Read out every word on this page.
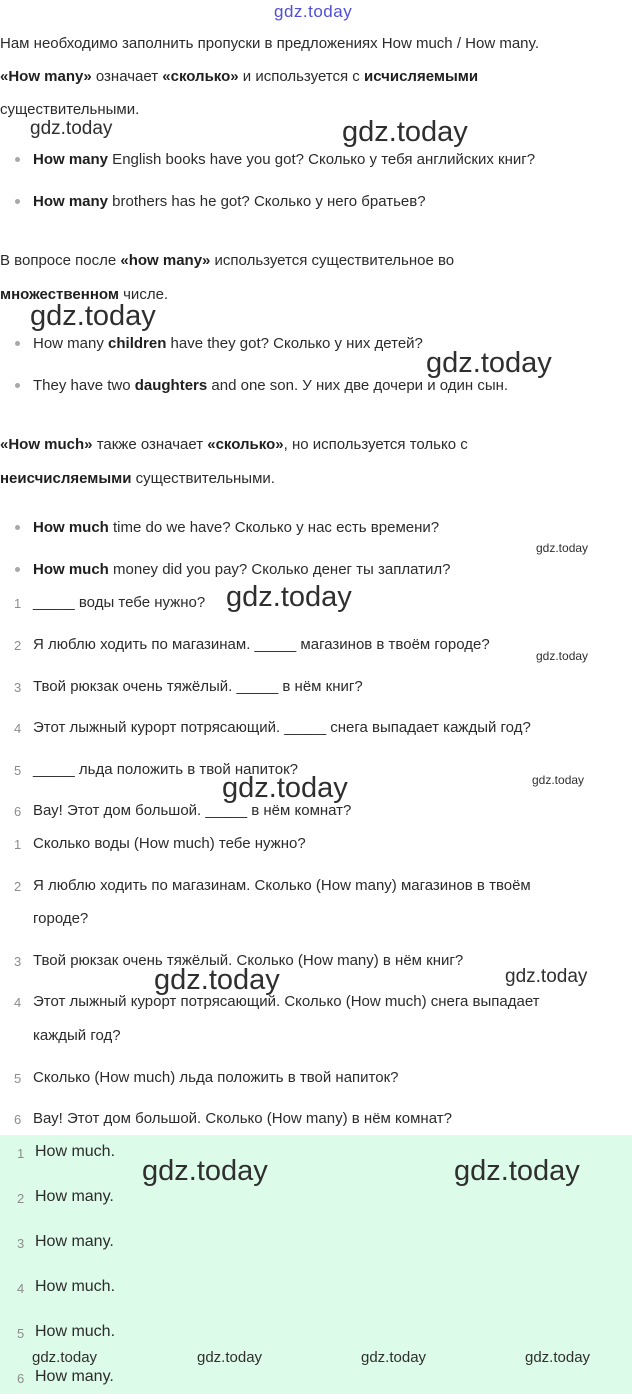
gdz.today
Нам необходимо заполнить пропуски в предложениях How much / How many.
«How many» означает «сколько» и используется с исчисляемыми
существительными.
gdz.today	gdz.today
How many English books have you got? Сколько у тебя английских книг?
How many brothers has he got? Сколько у него братьев?
В вопросе после «how many» используется существительное во
множественном числе.
gdz.today
How many children have they got? Сколько у них детей?
gdz.today
They have two daughters and one son. У них две дочери и один сын.
«How much» также означает «сколько», но используется только с
неисчисляемыми существительными.
How much time do we have? Сколько у нас есть времени?
gdz.today
How much money did you pay? Сколько денег ты заплатил?
1 _____ воды тебе нужно? gdz.today
2 Я люблю ходить по магазинам. _____ магазинов в твоём городе?
gdz.today
3 Твой рюкзак очень тяжёлый. _____ в нём книг?
4 Этот лыжный курорт потрясающий. _____ снега выпадает каждый год?
5 _____ льда положить в твой напиток?
gdz.today
gdz.today
6 Вау! Этот дом большой. _____ в нём комнат?
1 Сколько воды (How much) тебе нужно?
2 Я люблю ходить по магазинам. Сколько (How many) магазинов в твоём
городе?
3 Твой рюкзак очень тяжёлый. Сколько (How many) в нём книг?
gdz.today
gdz.today
4 Этот лыжный курорт потрясающий. Сколько (How much) снега выпадает
каждый год?
5 Сколько (How much) льда положить в твой напиток?
6 Вау! Этот дом большой. Сколько (How many) в нём комнат?
1 How much.
gdz.today	gdz.today
2 How many.
3 How many.
4 How much.
5 How much.
gdz.today	gdz.today	gdz.today	gdz.today
6 How many.
